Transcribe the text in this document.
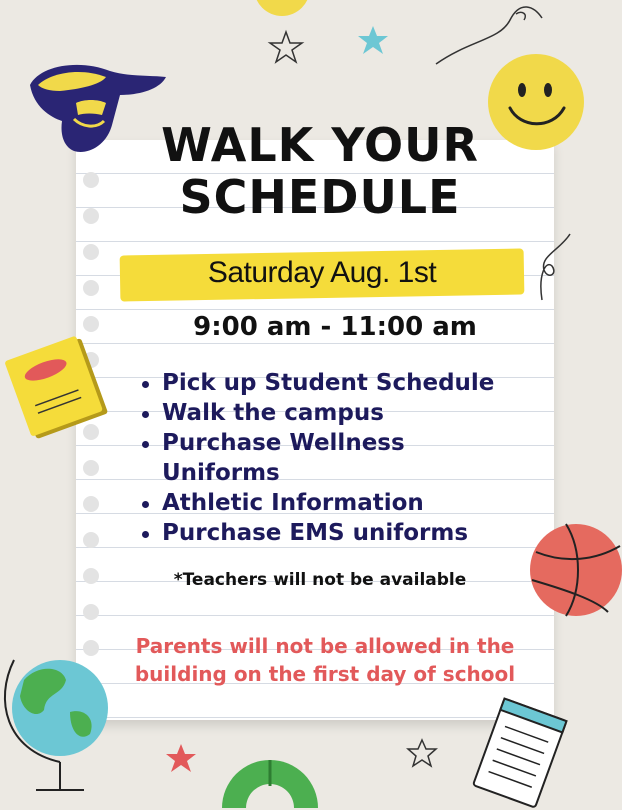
WALK YOUR
SCHEDULE
Saturday Aug. 1st
9:00 am - 11:00 am
Pick up Student Schedule
Walk the campus
Purchase Wellness Uniforms
Athletic Information
Purchase EMS uniforms
*Teachers will not be available
Parents will not be allowed in the
building on the first day of school
